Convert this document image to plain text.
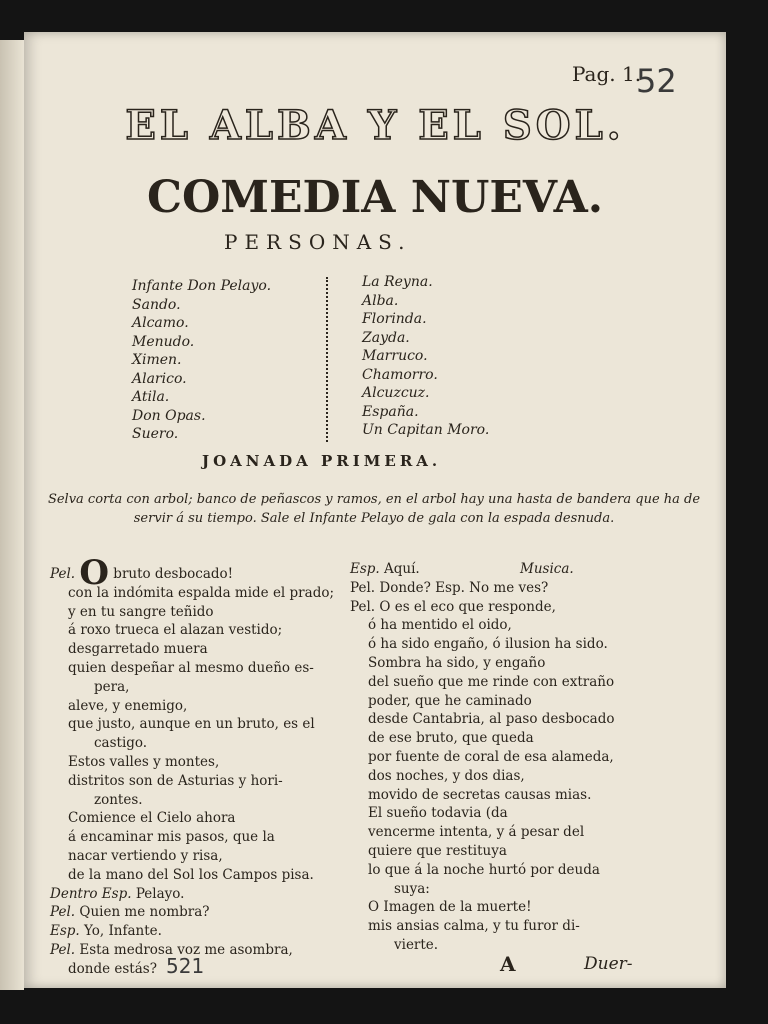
Pag. 1.
52
EL ALBA Y EL SOL.
COMEDIA NUEVA.
PERSONAS.
Infante Don Pelayo.
Sando.
Alcamo.
Menudo.
Ximen.
Alarico.
Atila.
Don Opas.
Suero.
La Reyna.
Alba.
Florinda.
Zayda.
Marruco.
Chamorro.
Alcuzcuz.
España.
Un Capitan Moro.
JOANADA PRIMERA.
Selva corta con arbol; banco de peñascos y ramos, en el arbol hay una hasta de bandera que ha de servir á su tiempo. Sale el Infante Pelayo de gala con la espada desnuda.
Pel. O bruto desbocado!
con la indómita espalda mide el prado;
y en tu sangre teñido
á roxo trueca el alazan vestido;
desgarretado muera
quien despeñar al mesmo dueño es-
pera,
aleve, y enemigo,
que justo, aunque en un bruto, es el
castigo.
Estos valles y montes,
distritos son de Asturias y hori-
zontes.
Comience el Cielo ahora
á encaminar mis pasos, que la
nacar vertiendo y risa,
de la mano del Sol los Campos pisa.
Dentro Esp. Pelayo.
Pel. Quien me nombra?
Esp. Yo, Infante.
Pel. Esta medrosa voz me asombra,
donde estás?
Esp. Aquí.	Musica.
Pel. Donde? Esp. No me ves?
Pel. O es el eco que responde,
ó ha mentido el oido,
ó ha sido engaño, ó ilusion ha sido.
Sombra ha sido, y engaño
del sueño que me rinde con extraño
poder, que he caminado
desde Cantabria, al paso desbocado
de ese bruto, que queda
por fuente de coral de esa alameda,
dos noches, y dos dias,
movido de secretas causas mias.
El sueño todavia (da
vencerme intenta, y á pesar del
quiere que restituya
lo que á la noche hurtó por deuda
suya:
O Imagen de la muerte!
mis ansias calma, y tu furor di-
vierte.
521	A	Duer-
